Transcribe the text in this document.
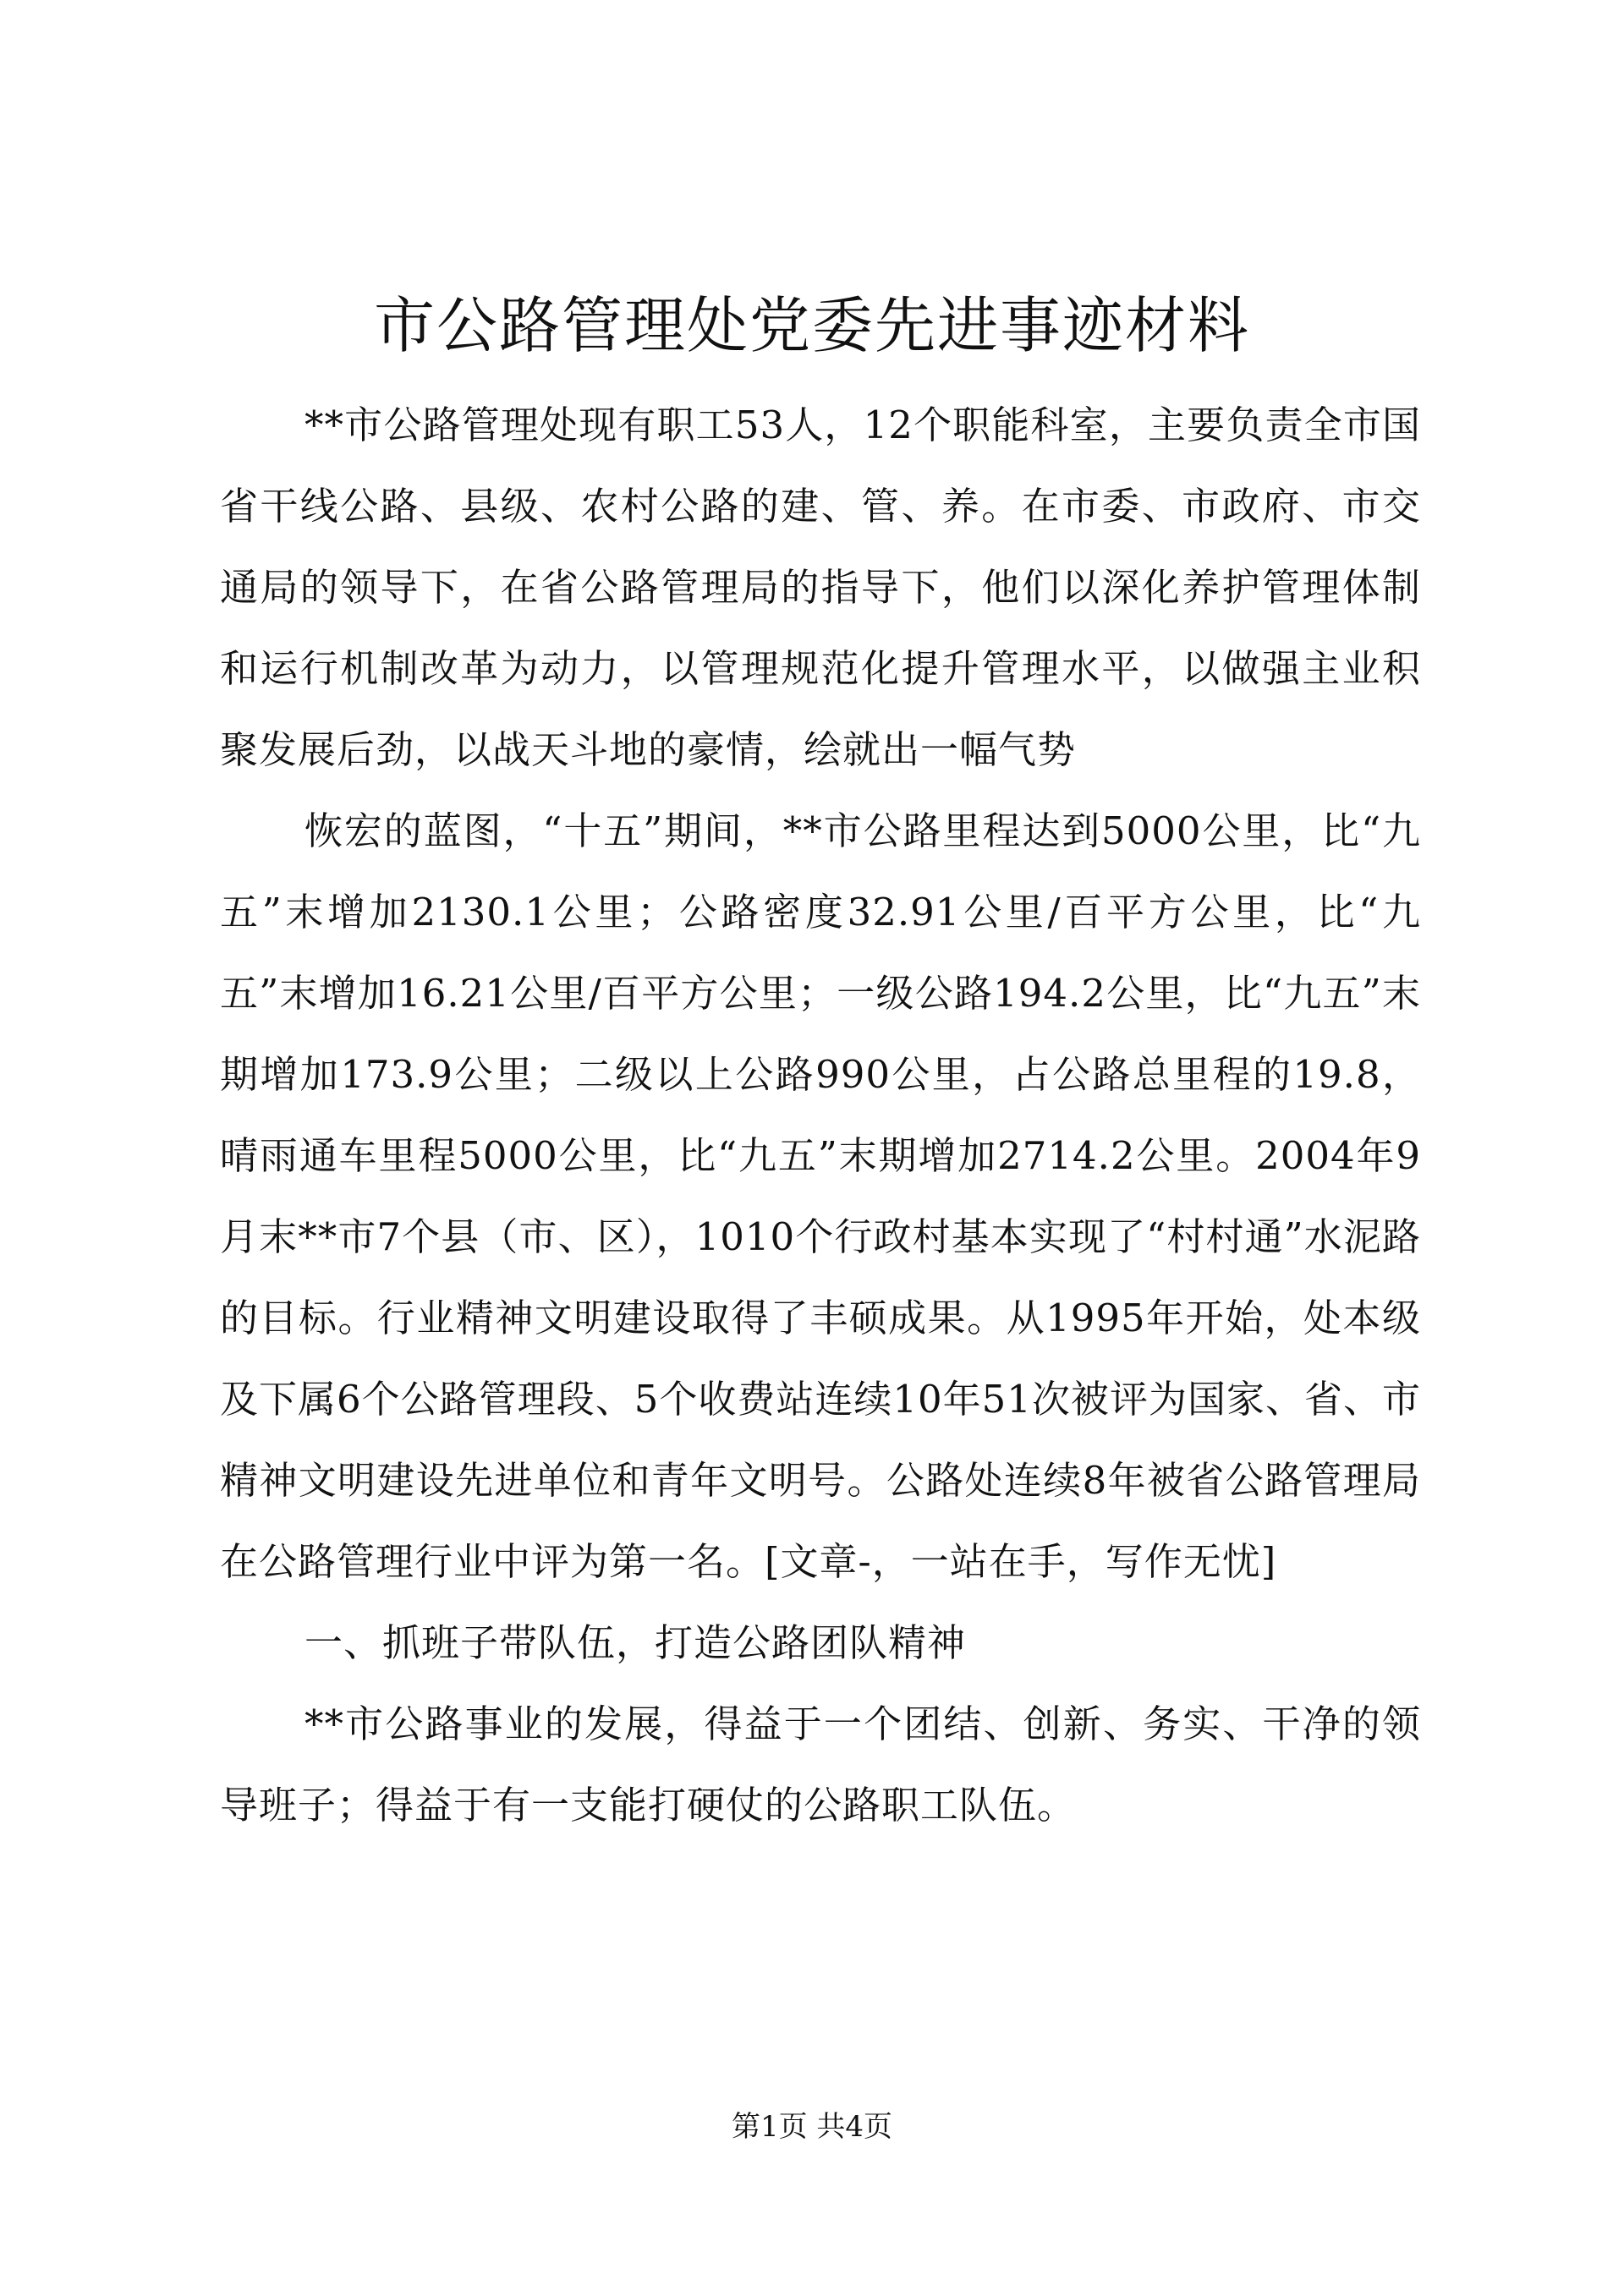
市公路管理处党委先进事迹材料

**市公路管理处现有职工53人，12个职能科室，主要负责全市国省干线公路、县级、农村公路的建、管、养。在市委、市政府、市交通局的领导下，在省公路管理局的指导下，他们以深化养护管理体制和运行机制改革为动力，以管理规范化提升管理水平，以做强主业积聚发展后劲，以战天斗地的豪情，绘就出一幅气势

恢宏的蓝图，“十五”期间，**市公路里程达到5000公里，比“九五”末增加2130.1公里；公路密度32.91公里/百平方公里，比“九五”末增加16.21公里/百平方公里；一级公路194.2公里，比“九五”末期增加173.9公里；二级以上公路990公里，占公路总里程的19.8，晴雨通车里程5000公里，比“九五”末期增加2714.2公里。2004年9月末**市7个县（市、区），1010个行政村基本实现了“村村通”水泥路的目标。行业精神文明建设取得了丰硕成果。从1995年开始，处本级及下属6个公路管理段、5个收费站连续10年51次被评为国家、省、市精神文明建设先进单位和青年文明号。公路处连续8年被省公路管理局在公路管理行业中评为第一名。[文章-，一站在手，写作无忧]

一、抓班子带队伍，打造公路团队精神

**市公路事业的发展，得益于一个团结、创新、务实、干净的领导班子；得益于有一支能打硬仗的公路职工队伍。

第1页 共4页
